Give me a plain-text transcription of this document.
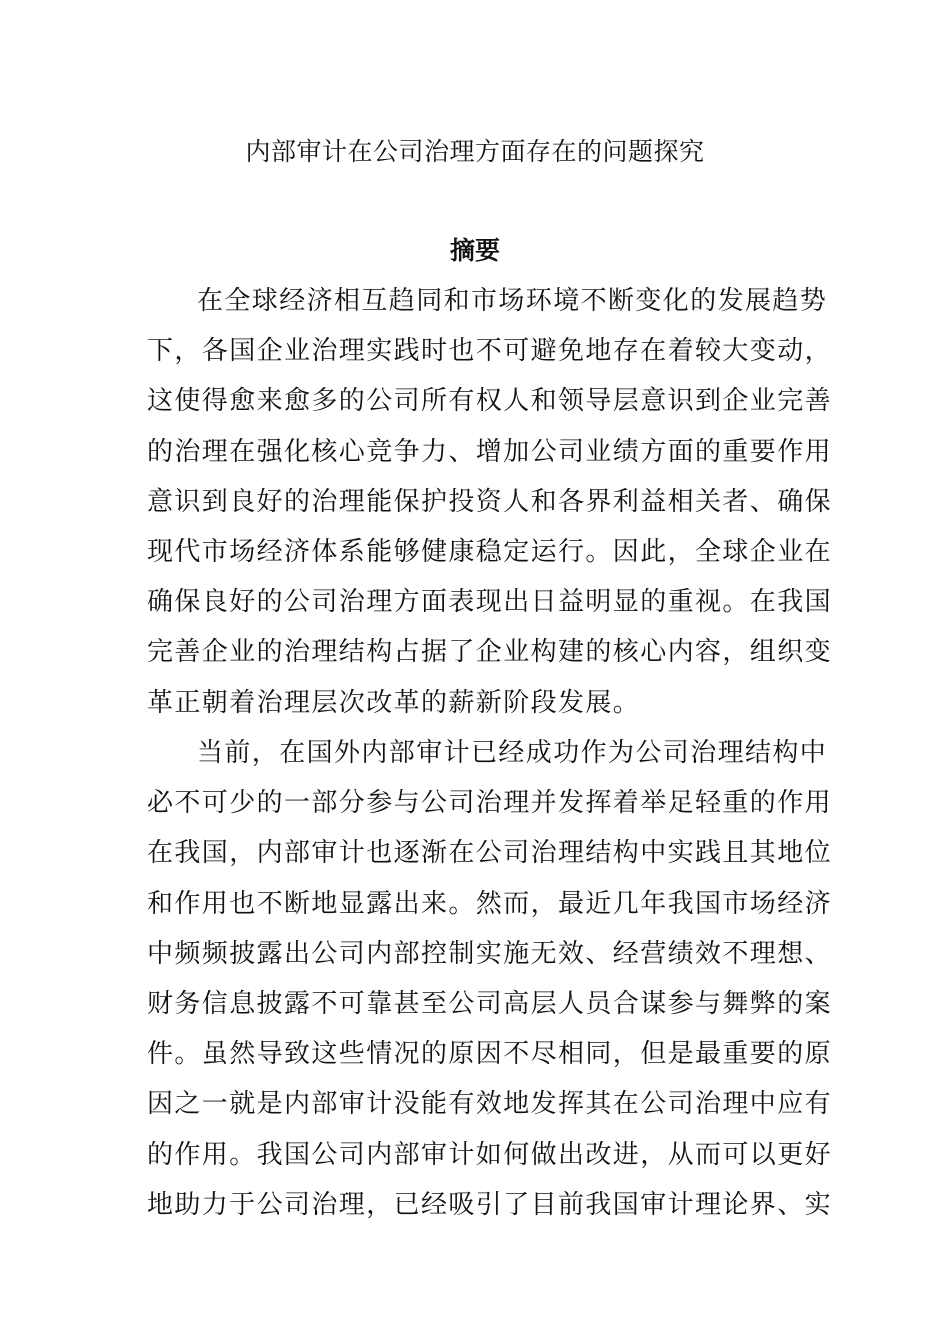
内部审计在公司治理方面存在的问题探究
摘要
在全球经济相互趋同和市场环境不断变化的发展趋势
下，各国企业治理实践时也不可避免地存在着较大变动，
这使得愈来愈多的公司所有权人和领导层意识到企业完善
的治理在强化核心竞争力、增加公司业绩方面的重要作用
意识到良好的治理能保护投资人和各界利益相关者、确保
现代市场经济体系能够健康稳定运行。因此，全球企业在
确保良好的公司治理方面表现出日益明显的重视。在我国
完善企业的治理结构占据了企业构建的核心内容，组织变
革正朝着治理层次改革的薪新阶段发展。
当前，在国外内部审计已经成功作为公司治理结构中
必不可少的一部分参与公司治理并发挥着举足轻重的作用
在我国，内部审计也逐渐在公司治理结构中实践且其地位
和作用也不断地显露出来。然而，最近几年我国市场经济
中频频披露出公司内部控制实施无效、经营绩效不理想、
财务信息披露不可靠甚至公司高层人员合谋参与舞弊的案
件。虽然导致这些情况的原因不尽相同，但是最重要的原
因之一就是内部审计没能有效地发挥其在公司治理中应有
的作用。我国公司内部审计如何做出改进，从而可以更好
地助力于公司治理，已经吸引了目前我国审计理论界、实
